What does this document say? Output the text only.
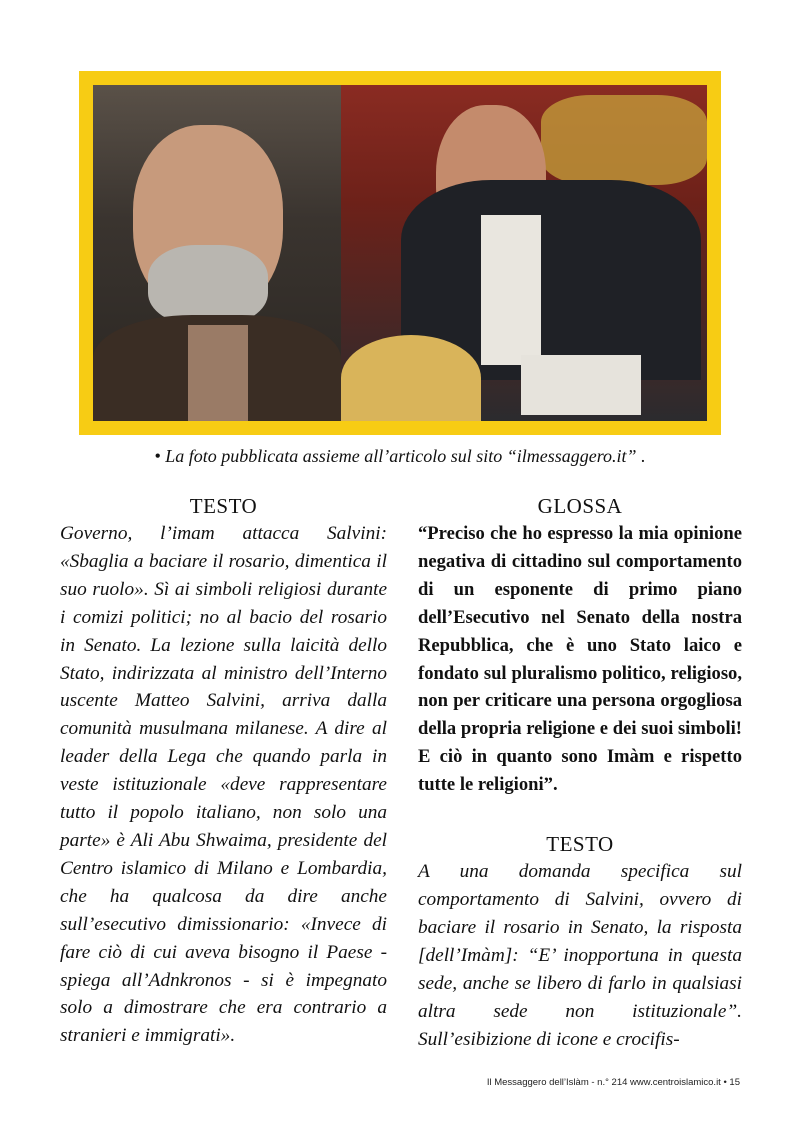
• La foto pubblicata assieme all’articolo sul sito “ilmessaggero.it” .
TESTO
Governo, l’imam attacca Salvini: «Sbaglia a baciare il rosario, dimentica il suo ruolo». Sì ai simboli religiosi durante i comizi politici; no al bacio del rosario in Senato. La lezione sulla laicità dello Stato, indirizzata al ministro dell’Interno uscente Matteo Salvini, arriva dalla comunità musulmana milanese. A dire al leader della Lega che quando parla in veste istituzionale «deve rappresentare tutto il popolo italiano, non solo una parte» è Ali Abu Shwaima, presidente del Centro islamico di Milano e Lombardia, che ha qualcosa da dire anche sull’esecutivo dimissionario: «Invece di fare ciò di cui aveva bisogno il Paese - spiega all’Adnkronos - si è impegnato solo a dimostrare che era contrario a stranieri e immigrati».
GLOSSA
“Preciso che ho espresso la mia opinione negativa di cittadino sul comportamento di un esponente di primo piano dell’Esecutivo nel Senato della nostra Repubblica, che è uno Stato laico e fondato sul pluralismo politico, religioso, non per criticare una persona orgogliosa della propria religione e dei suoi simboli! E ciò in quanto sono Imàm e rispetto tutte le religioni”.
TESTO
A una domanda specifica sul comportamento di Salvini, ovvero di baciare il rosario in Senato, la risposta [dell’Imàm]: “E’ inopportuna in questa sede, anche se libero di farlo in qualsiasi altra sede non istituzionale”. Sull’esibizione di icone e crocifis-
Il Messaggero dell’Islàm - n.° 214 www.centroislamico.it • 15
